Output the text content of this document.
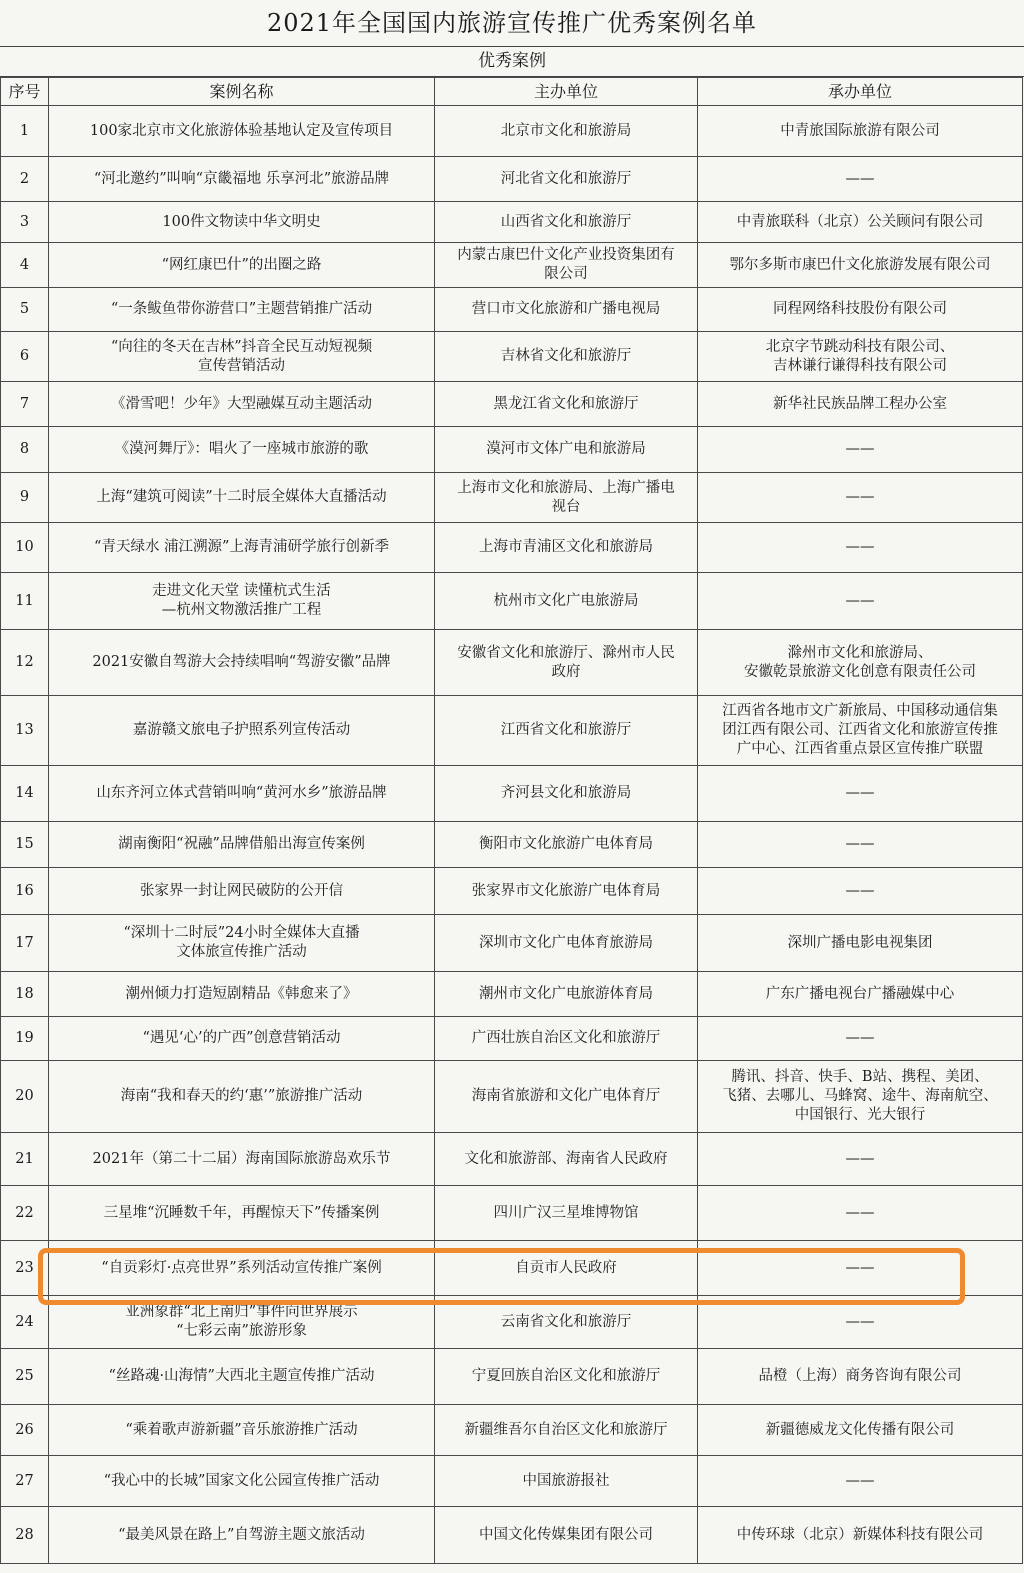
2021年全国国内旅游宣传推广优秀案例名单
优秀案例
序号	案例名称	主办单位	承办单位
1	100家北京市文化旅游体验基地认定及宣传项目	北京市文化和旅游局	中青旅国际旅游有限公司
2	“河北邀约”叫响“京畿福地 乐享河北”旅游品牌	河北省文化和旅游厅	——
3	100件文物读中华文明史	山西省文化和旅游厅	中青旅联科（北京）公关顾问有限公司
4	“网红康巴什”的出圈之路	内蒙古康巴什文化产业投资集团有
限公司	鄂尔多斯市康巴什文化旅游发展有限公司
5	“一条鲅鱼带你游营口”主题营销推广活动	营口市文化旅游和广播电视局	同程网络科技股份有限公司
6	“向往的冬天在吉林”抖音全民互动短视频
宣传营销活动	吉林省文化和旅游厅	北京字节跳动科技有限公司、
吉林谦行谦得科技有限公司
7	《滑雪吧！少年》大型融媒互动主题活动	黑龙江省文化和旅游厅	新华社民族品牌工程办公室
8	《漠河舞厅》：唱火了一座城市旅游的歌	漠河市文体广电和旅游局	——
9	上海“建筑可阅读”十二时辰全媒体大直播活动	上海市文化和旅游局、上海广播电
视台	——
10	“青天绿水 浦江溯源”上海青浦研学旅行创新季	上海市青浦区文化和旅游局	——
11	走进文化天堂 读懂杭式生活
—杭州文物激活推广工程	杭州市文化广电旅游局	——
12	2021安徽自驾游大会持续唱响“驾游安徽”品牌	安徽省文化和旅游厅、滁州市人民
政府	滁州市文化和旅游局、
安徽乾景旅游文化创意有限责任公司
13	嘉游赣文旅电子护照系列宣传活动	江西省文化和旅游厅	江西省各地市文广新旅局、中国移动通信集
团江西有限公司、江西省文化和旅游宣传推
广中心、江西省重点景区宣传推广联盟
14	山东齐河立体式营销叫响“黄河水乡”旅游品牌	齐河县文化和旅游局	——
15	湖南衡阳“祝融”品牌借船出海宣传案例	衡阳市文化旅游广电体育局	——
16	张家界一封让网民破防的公开信	张家界市文化旅游广电体育局	——
17	“深圳十二时辰”24小时全媒体大直播
文体旅宣传推广活动	深圳市文化广电体育旅游局	深圳广播电影电视集团
18	潮州倾力打造短剧精品《韩愈来了》	潮州市文化广电旅游体育局	广东广播电视台广播融媒中心
19	“遇见‘心’的广西”创意营销活动	广西壮族自治区文化和旅游厅	——
20	海南“我和春天的约‘惠’”旅游推广活动	海南省旅游和文化广电体育厅	腾讯、抖音、快手、B站、携程、美团、
飞猪、去哪儿、马蜂窝、途牛、海南航空、
中国银行、光大银行
21	2021年（第二十二届）海南国际旅游岛欢乐节	文化和旅游部、海南省人民政府	——
22	三星堆“沉睡数千年，再醒惊天下”传播案例	四川广汉三星堆博物馆	——
23	“自贡彩灯·点亮世界”系列活动宣传推广案例	自贡市人民政府	——
24	亚洲象群“北上南归”事件向世界展示
“七彩云南”旅游形象	云南省文化和旅游厅	——
25	“丝路魂·山海情”大西北主题宣传推广活动	宁夏回族自治区文化和旅游厅	品橙（上海）商务咨询有限公司
26	“乘着歌声游新疆”音乐旅游推广活动	新疆维吾尔自治区文化和旅游厅	新疆德威龙文化传播有限公司
27	“我心中的长城”国家文化公园宣传推广活动	中国旅游报社	——
28	“最美风景在路上”自驾游主题文旅活动	中国文化传媒集团有限公司	中传环球（北京）新媒体科技有限公司
